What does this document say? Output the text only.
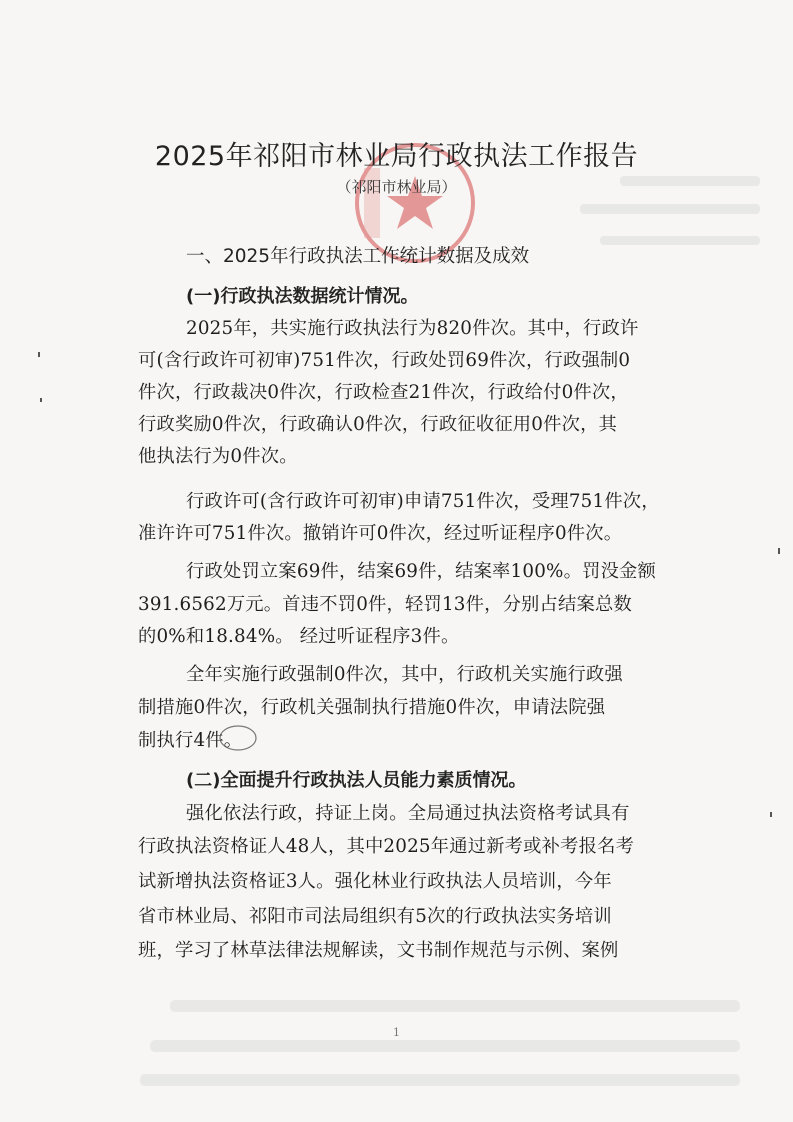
2025年祁阳市林业局行政执法工作报告
（祁阳市林业局）
一、2025年行政执法工作统计数据及成效
(一)行政执法数据统计情况。
2025年，共实施行政执法行为820件次。其中，行政许
可(含行政许可初审)751件次，行政处罚69件次，行政强制0
件次，行政裁决0件次，行政检查21件次，行政给付0件次，
行政奖励0件次，行政确认0件次，行政征收征用0件次，其
他执法行为0件次。
行政许可(含行政许可初审)申请751件次，受理751件次，
准许许可751件次。撤销许可0件次，经过听证程序0件次。
行政处罚立案69件，结案69件，结案率100%。罚没金额
391.6562万元。首违不罚0件，轻罚13件，分别占结案总数
的0%和18.84%。 经过听证程序3件。
全年实施行政强制0件次，其中，行政机关实施行政强
制措施0件次，行政机关强制执行措施0件次，申请法院强
制执行4件。
(二)全面提升行政执法人员能力素质情况。
强化依法行政，持证上岗。全局通过执法资格考试具有
行政执法资格证人48人，其中2025年通过新考或补考报名考
试新增执法资格证3人。强化林业行政执法人员培训，今年
省市林业局、祁阳市司法局组织有5次的行政执法实务培训
班，学习了林草法律法规解读，文书制作规范与示例、案例
1
